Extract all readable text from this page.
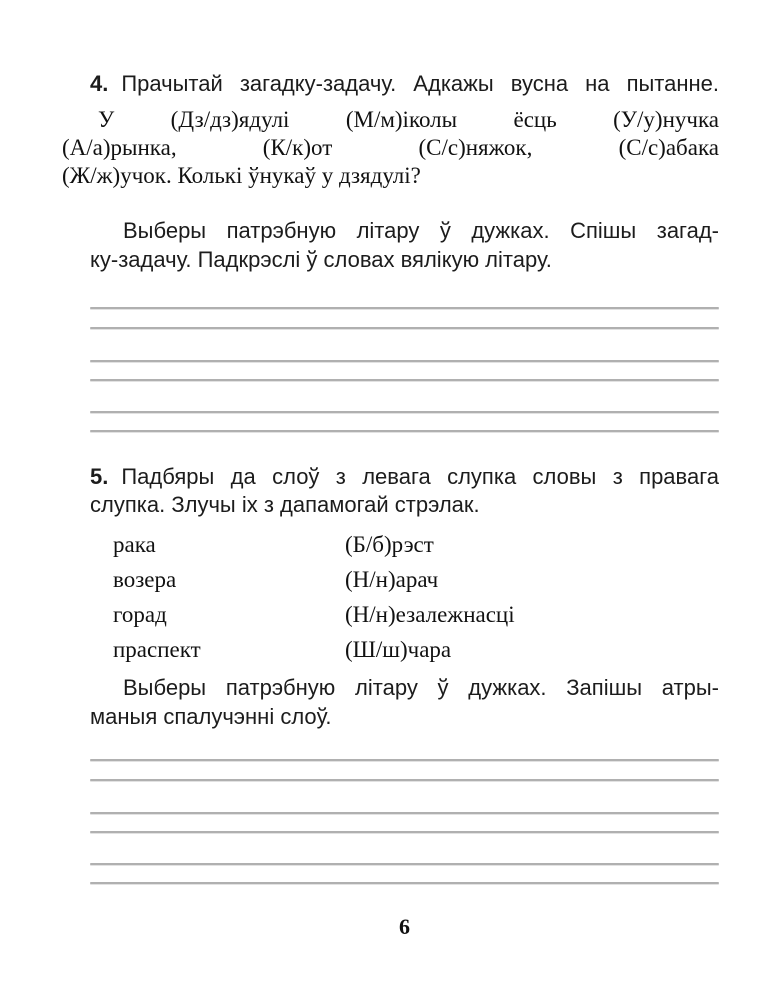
4. Прачытай загадку-задачу. Адкажы вусна на пытанне.
У (Дз/дз)ядулі (М/м)іколы ёсць (У/у)нучка
(А/а)рынка, (К/к)от (С/с)няжок, (С/с)абака
(Ж/ж)учок. Колькі ўнукаў у дзядулі?
Выберы патрэбную літару ў дужках. Спішы загад-
ку-задачу. Падкрэслі ў словах вялікую літару.
5. Падбяры да слоў з левага слупка словы з правага
слупка. Злучы іх з дапамогай стрэлак.
рака	(Б/б)рэст
возера	(Н/н)арач
горад	(Н/н)езалежнасці
праспект	(Ш/ш)чара
Выберы патрэбную літару ў дужках. Запішы атры-
маныя спалучэнні слоў.
6
